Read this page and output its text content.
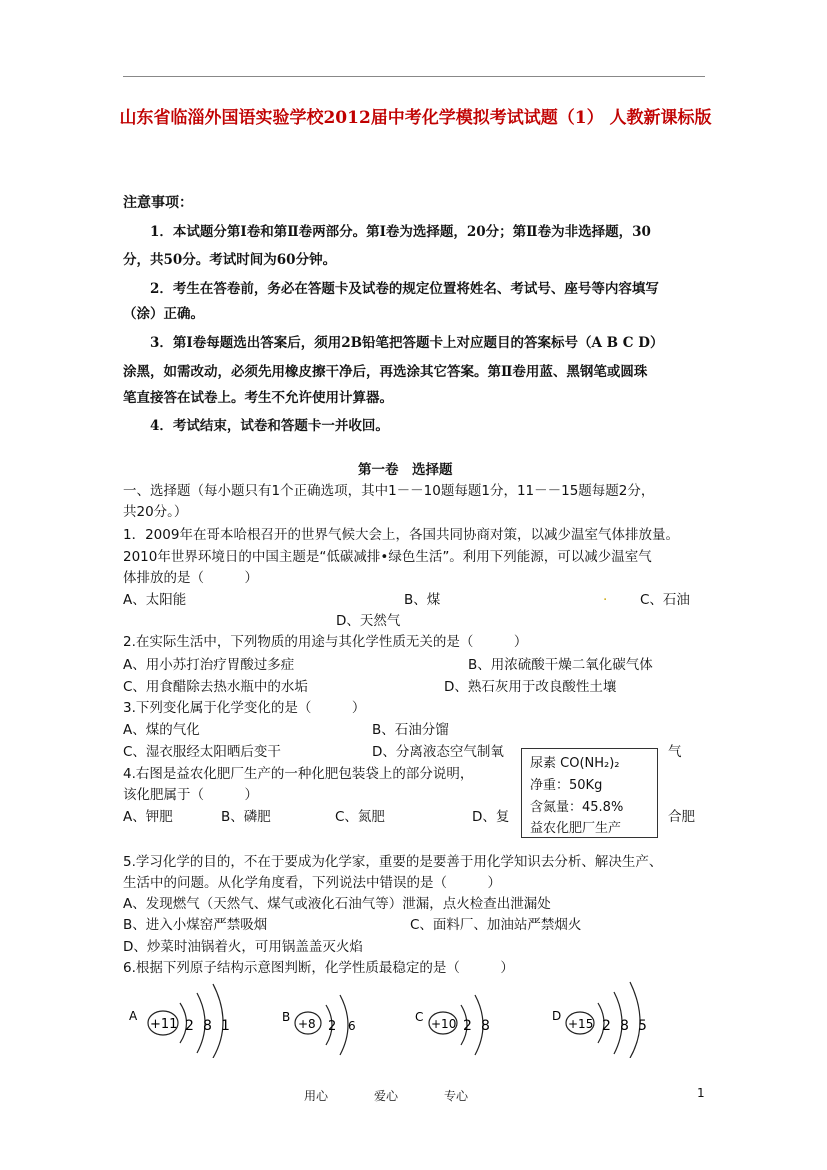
山东省临淄外国语实验学校2012届中考化学模拟考试试题（1） 人教新课标版
注意事项：
1．本试题分第Ⅰ卷和第Ⅱ卷两部分。第Ⅰ卷为选择题，20分；第Ⅱ卷为非选择题，30
分，共50分。考试时间为60分钟。
2．考生在答卷前，务必在答题卡及试卷的规定位置将姓名、考试号、座号等内容填写
（涂）正确。
3．第Ⅰ卷每题选出答案后，须用2B铅笔把答题卡上对应题目的答案标号（A B C D）
涂黑，如需改动，必须先用橡皮擦干净后，再选涂其它答案。第Ⅱ卷用蓝、黑钢笔或圆珠
笔直接答在试卷上。考生不允许使用计算器。
4．考试结束，试卷和答题卡一并收回。
第一卷　选择题
一、选择题（每小题只有1个正确选项，其中1－－10题每题1分，11－－15题每题2分，
共20分。）
1．2009年在哥本哈根召开的世界气候大会上，各国共同协商对策，以减少温室气体排放量。
2010年世界环境日的中国主题是“低碳减排•绿色生活”。利用下列能源，可以减少温室气
体排放的是（　　　）
A、太阳能	B、煤	. C、石油
D、天然气
2.在实际生活中，下列物质的用途与其化学性质无关的是（　　　）
A、用小苏打治疗胃酸过多症	B、用浓硫酸干燥二氧化碳气体
C、用食醋除去热水瓶中的水垢	D、熟石灰用于改良酸性土壤
3.下列变化属于化学变化的是（　　　）
A、煤的气化	B、石油分馏
C、湿衣服经太阳晒后变干	D、分离液态空气制氧	气
4.右图是益农化肥厂生产的一种化肥包装袋上的部分说明，
该化肥属于（　　　）
A、钾肥	B、磷肥	C、氮肥	D、复	合肥
尿素 CO(NH₂)₂
净重：50Kg
含氮量：45.8%
益农化肥厂生产
5.学习化学的目的，不在于要成为化学家，重要的是要善于用化学知识去分析、解决生产、
生活中的问题。从化学角度看，下列说法中错误的是（　　　）
A、发现燃气（天然气、煤气或液化石油气等）泄漏，点火检查出泄漏处
B、进入小煤窑严禁吸烟	C、面料厂、加油站严禁烟火
D、炒菜时油锅着火，可用锅盖盖灭火焰
6.根据下列原子结构示意图判断，化学性质最稳定的是（　　　）
A
+11 2 8 1
B +8 2 6
C +10 2 8
D
+15 2 8 5
用心	爱心	专心	1
